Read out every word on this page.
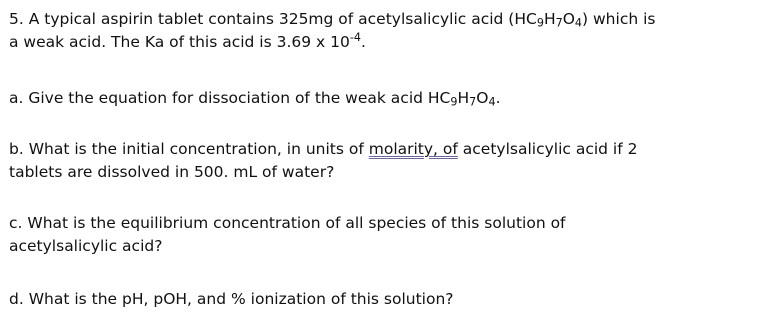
5. A typical aspirin tablet contains 325mg of acetylsalicylic acid $(HC_9H_7O_4)$ which is
a weak acid. The Ka of this acid is 3.69 x $10^{-4}$.
a. Give the equation for dissociation of the weak acid $HC_9H_7O_4$.
b. What is the initial concentration, in units of molarity, of acetylsalicylic acid if 2
tablets are dissolved in 500. mL of water?
c. What is the equilibrium concentration of all species of this solution of
acetylsalicylic acid?
d. What is the pH, pOH, and % ionization of this solution?
